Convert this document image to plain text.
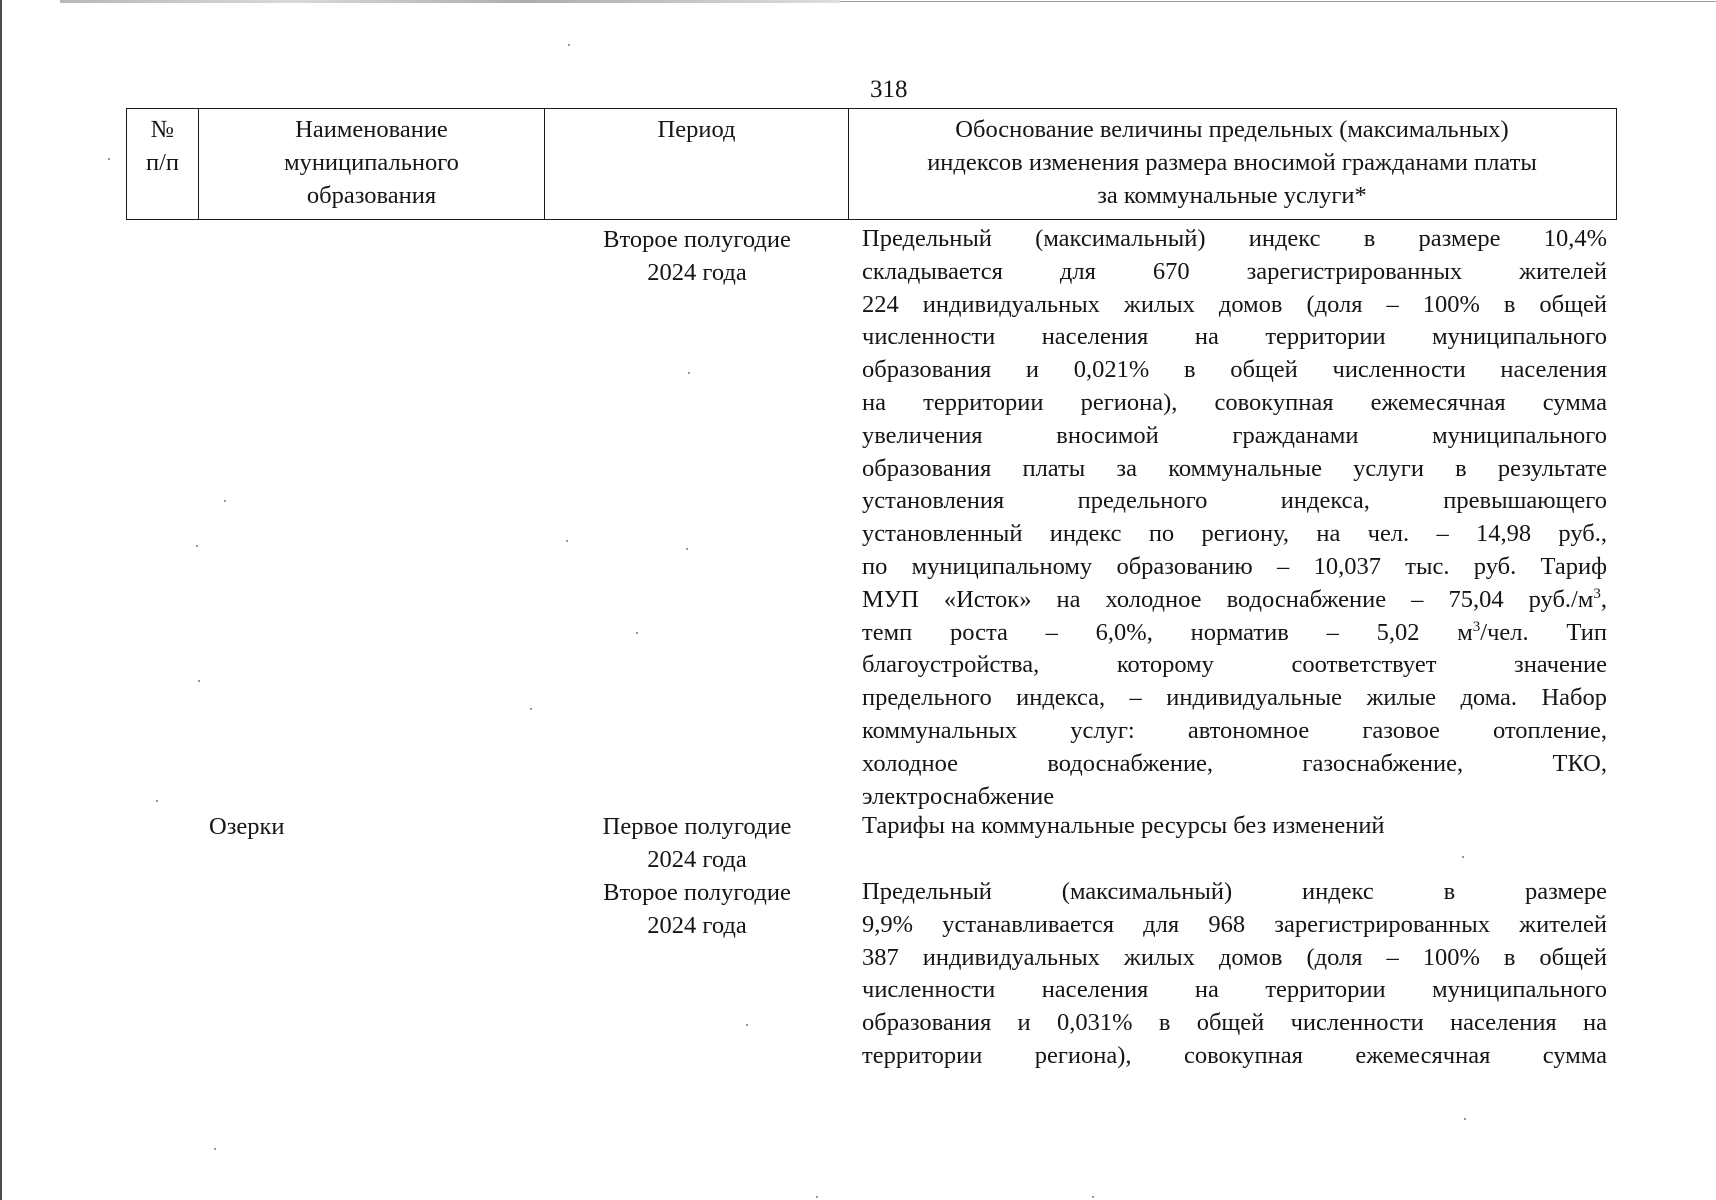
318
№
п/п
Наименование
муниципального
образования
Период	Обоснование величины предельных (максимальных)
индексов изменения размера вносимой гражданами платы
за коммунальные услуги*
Второе полугодие
2024 года
Предельный (максимальный) индекс в размере 10,4%
складывается для 670 зарегистрированных жителей
224 индивидуальных жилых домов (доля – 100% в общей
численности населения на территории муниципального
образования и 0,021% в общей численности населения
на территории региона), совокупная ежемесячная сумма
увеличения вносимой гражданами муниципального
образования платы за коммунальные услуги в результате
установления предельного индекса, превышающего
установленный индекс по региону, на чел. – 14,98 руб.,
по муниципальному образованию – 10,037 тыс. руб. Тариф
МУП «Исток» на холодное водоснабжение – 75,04 $руб./м^3$,
темп роста – 6,0%, норматив – 5,02 $м^3$/чел. Тип
благоустройства, которому соответствует значение
предельного индекса, – индивидуальные жилые дома. Набор
коммунальных услуг: автономное газовое отопление,
холодное водоснабжение, газоснабжение, ТКО,
электроснабжение
Озерки	Первое полугодие
2024 года
Тарифы на коммунальные ресурсы без изменений
Второе полугодие
2024 года
Предельный (максимальный) индекс в размере
9,9% устанавливается для 968 зарегистрированных жителей
387 индивидуальных жилых домов (доля – 100% в общей
численности населения на территории муниципального
образования и 0,031% в общей численности населения на
территории региона), совокупная ежемесячная сумма
